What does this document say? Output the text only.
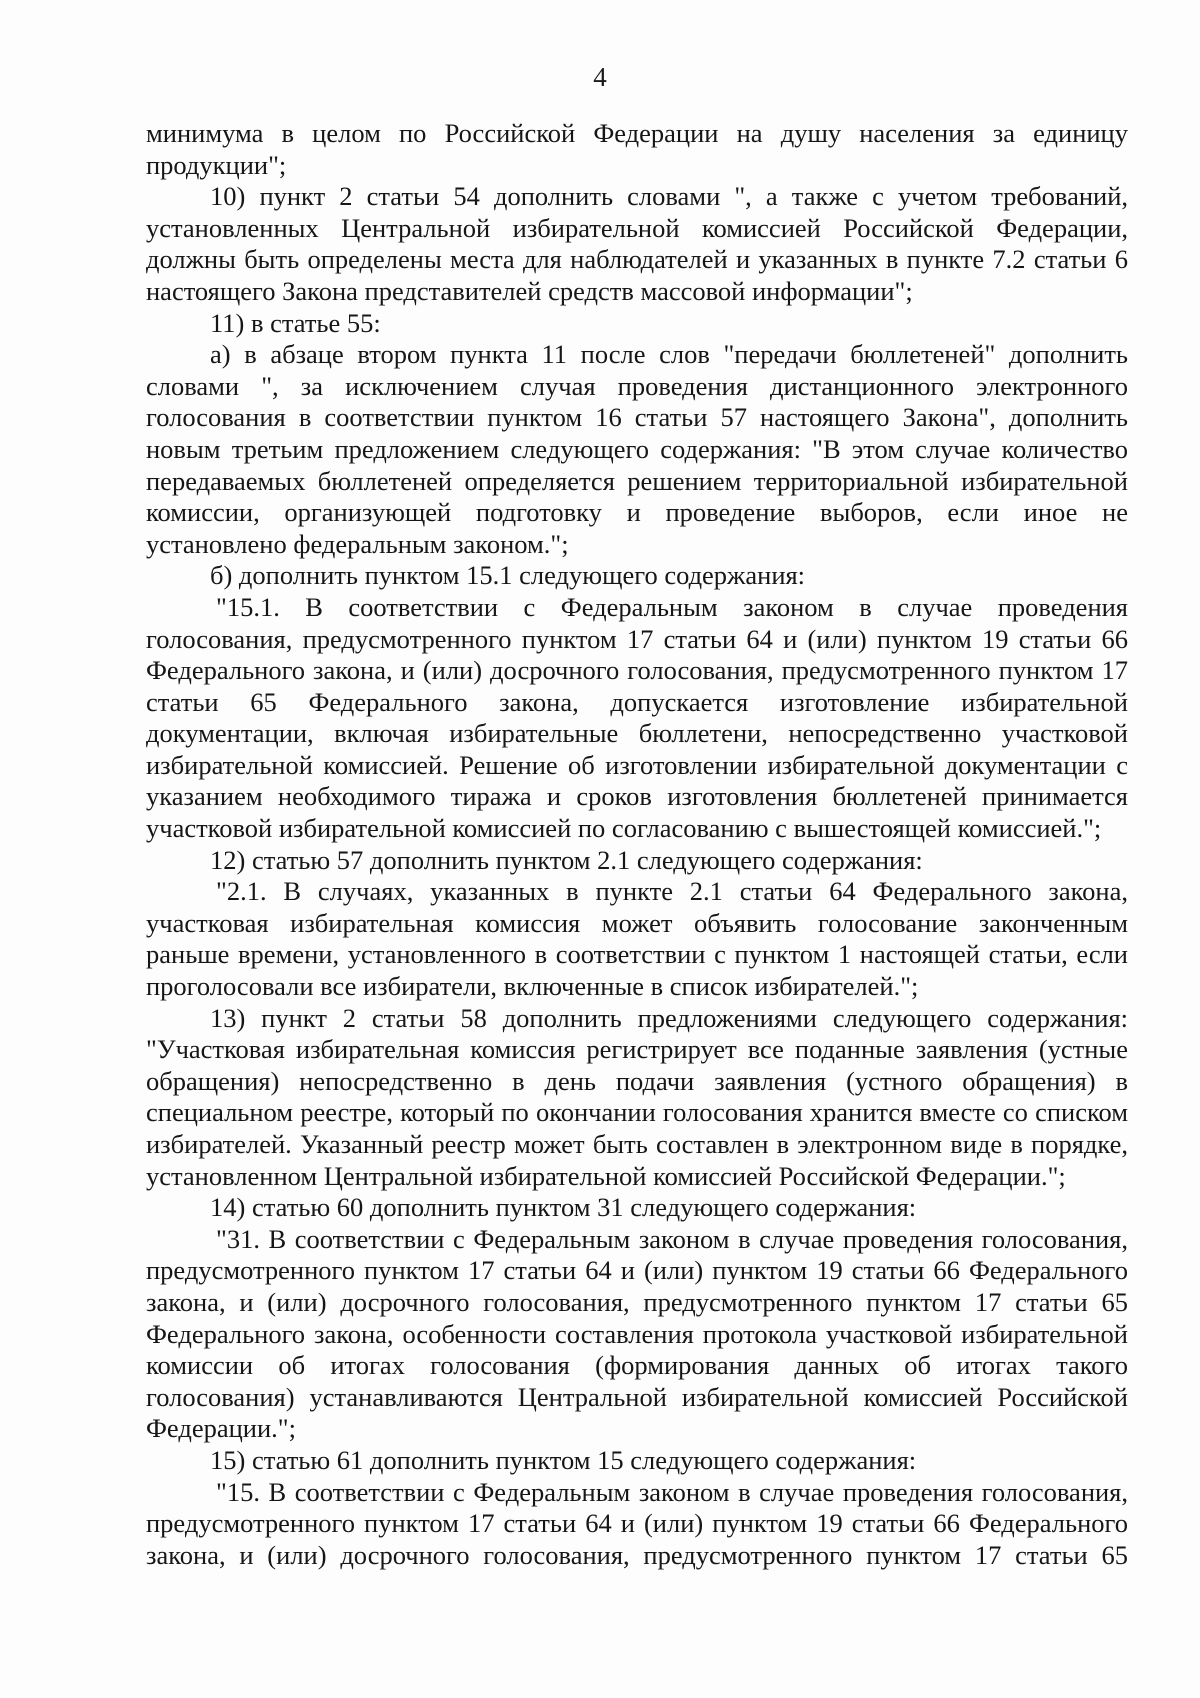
4

минимума в целом по Российской Федерации на душу населения за единицу

продукции";

10) пункт 2 статьи 54 дополнить словами ", а также с учетом требований,

установленных Центральной избирательной комиссией Российской Федерации,

должны быть определены места для наблюдателей и указанных в пункте 7.2 статьи 6

настоящего Закона представителей средств массовой информации";

11) в статье 55:

а) в абзаце втором пункта 11 после слов "передачи бюллетеней" дополнить

словами ", за исключением случая проведения дистанционного электронного

голосования в соответствии пунктом 16 статьи 57 настоящего Закона", дополнить

новым третьим предложением следующего содержания: "В этом случае количество

передаваемых бюллетеней определяется решением территориальной избирательной

комиссии, организующей подготовку и проведение выборов, если иное не

установлено федеральным законом.";

б) дополнить пунктом 15.1 следующего содержания:

"15.1. В соответствии с Федеральным законом в случае проведения

голосования, предусмотренного пунктом 17 статьи 64 и (или) пунктом 19 статьи 66

Федерального закона, и (или) досрочного голосования, предусмотренного пунктом 17

статьи 65 Федерального закона, допускается изготовление избирательной

документации, включая избирательные бюллетени, непосредственно участковой

избирательной комиссией. Решение об изготовлении избирательной документации с

указанием необходимого тиража и сроков изготовления бюллетеней принимается

участковой избирательной комиссией по согласованию с вышестоящей комиссией.";

12) статью 57 дополнить пунктом 2.1 следующего содержания:

"2.1. В случаях, указанных в пункте 2.1 статьи 64 Федерального закона,

участковая избирательная комиссия может объявить голосование законченным

раньше времени, установленного в соответствии с пунктом 1 настоящей статьи, если

проголосовали все избиратели, включенные в список избирателей.";

13) пункт 2 статьи 58 дополнить предложениями следующего содержания:

"Участковая избирательная комиссия регистрирует все поданные заявления (устные

обращения) непосредственно в день подачи заявления (устного обращения) в

специальном реестре, который по окончании голосования хранится вместе со списком

избирателей. Указанный реестр может быть составлен в электронном виде в порядке,

установленном Центральной избирательной комиссией Российской Федерации.";

14) статью 60 дополнить пунктом 31 следующего содержания:

"31. В соответствии с Федеральным законом в случае проведения голосования,

предусмотренного пунктом 17 статьи 64 и (или) пунктом 19 статьи 66 Федерального

закона, и (или) досрочного голосования, предусмотренного пунктом 17 статьи 65

Федерального закона, особенности составления протокола участковой избирательной

комиссии об итогах голосования (формирования данных об итогах такого

голосования) устанавливаются Центральной избирательной комиссией Российской

Федерации.";

15) статью 61 дополнить пунктом 15 следующего содержания:

"15. В соответствии с Федеральным законом в случае проведения голосования,

предусмотренного пунктом 17 статьи 64 и (или) пунктом 19 статьи 66 Федерального

закона, и (или) досрочного голосования, предусмотренного пунктом 17 статьи 65
